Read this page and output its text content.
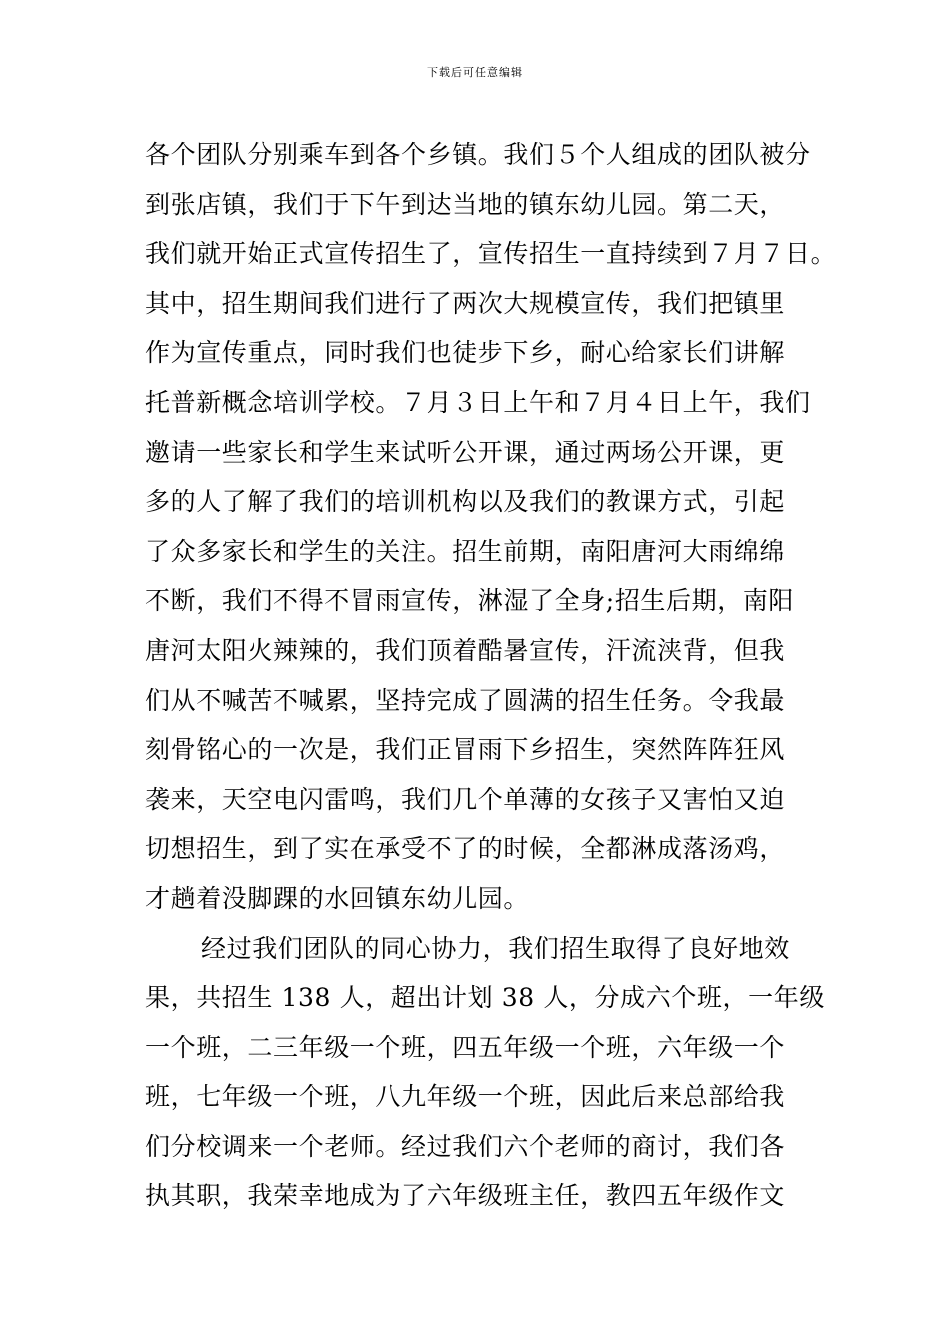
下载后可任意编辑
各个团队分别乘车到各个乡镇。我们５个人组成的团队被分
到张店镇，我们于下午到达当地的镇东幼儿园。第二天，
我们就开始正式宣传招生了，宣传招生一直持续到７月７日。
其中，招生期间我们进行了两次大规模宣传，我们把镇里
作为宣传重点，同时我们也徒步下乡，耐心给家长们讲解
托普新概念培训学校。７月３日上午和７月４日上午，我们
邀请一些家长和学生来试听公开课，通过两场公开课，更
多的人了解了我们的培训机构以及我们的教课方式，引起
了众多家长和学生的关注。招生前期，南阳唐河大雨绵绵
不断，我们不得不冒雨宣传，淋湿了全身;招生后期，南阳
唐河太阳火辣辣的，我们顶着酷暑宣传，汗流浃背，但我
们从不喊苦不喊累，坚持完成了圆满的招生任务。令我最
刻骨铭心的一次是，我们正冒雨下乡招生，突然阵阵狂风
袭来，天空电闪雷鸣，我们几个单薄的女孩子又害怕又迫
切想招生，到了实在承受不了的时候，全都淋成落汤鸡，
才趟着没脚踝的水回镇东幼儿园。
经过我们团队的同心协力，我们招生取得了良好地效
果，共招生 138 人，超出计划 38 人，分成六个班，一年级
一个班，二三年级一个班，四五年级一个班，六年级一个
班，七年级一个班，八九年级一个班，因此后来总部给我
们分校调来一个老师。经过我们六个老师的商讨，我们各
执其职，我荣幸地成为了六年级班主任，教四五年级作文
